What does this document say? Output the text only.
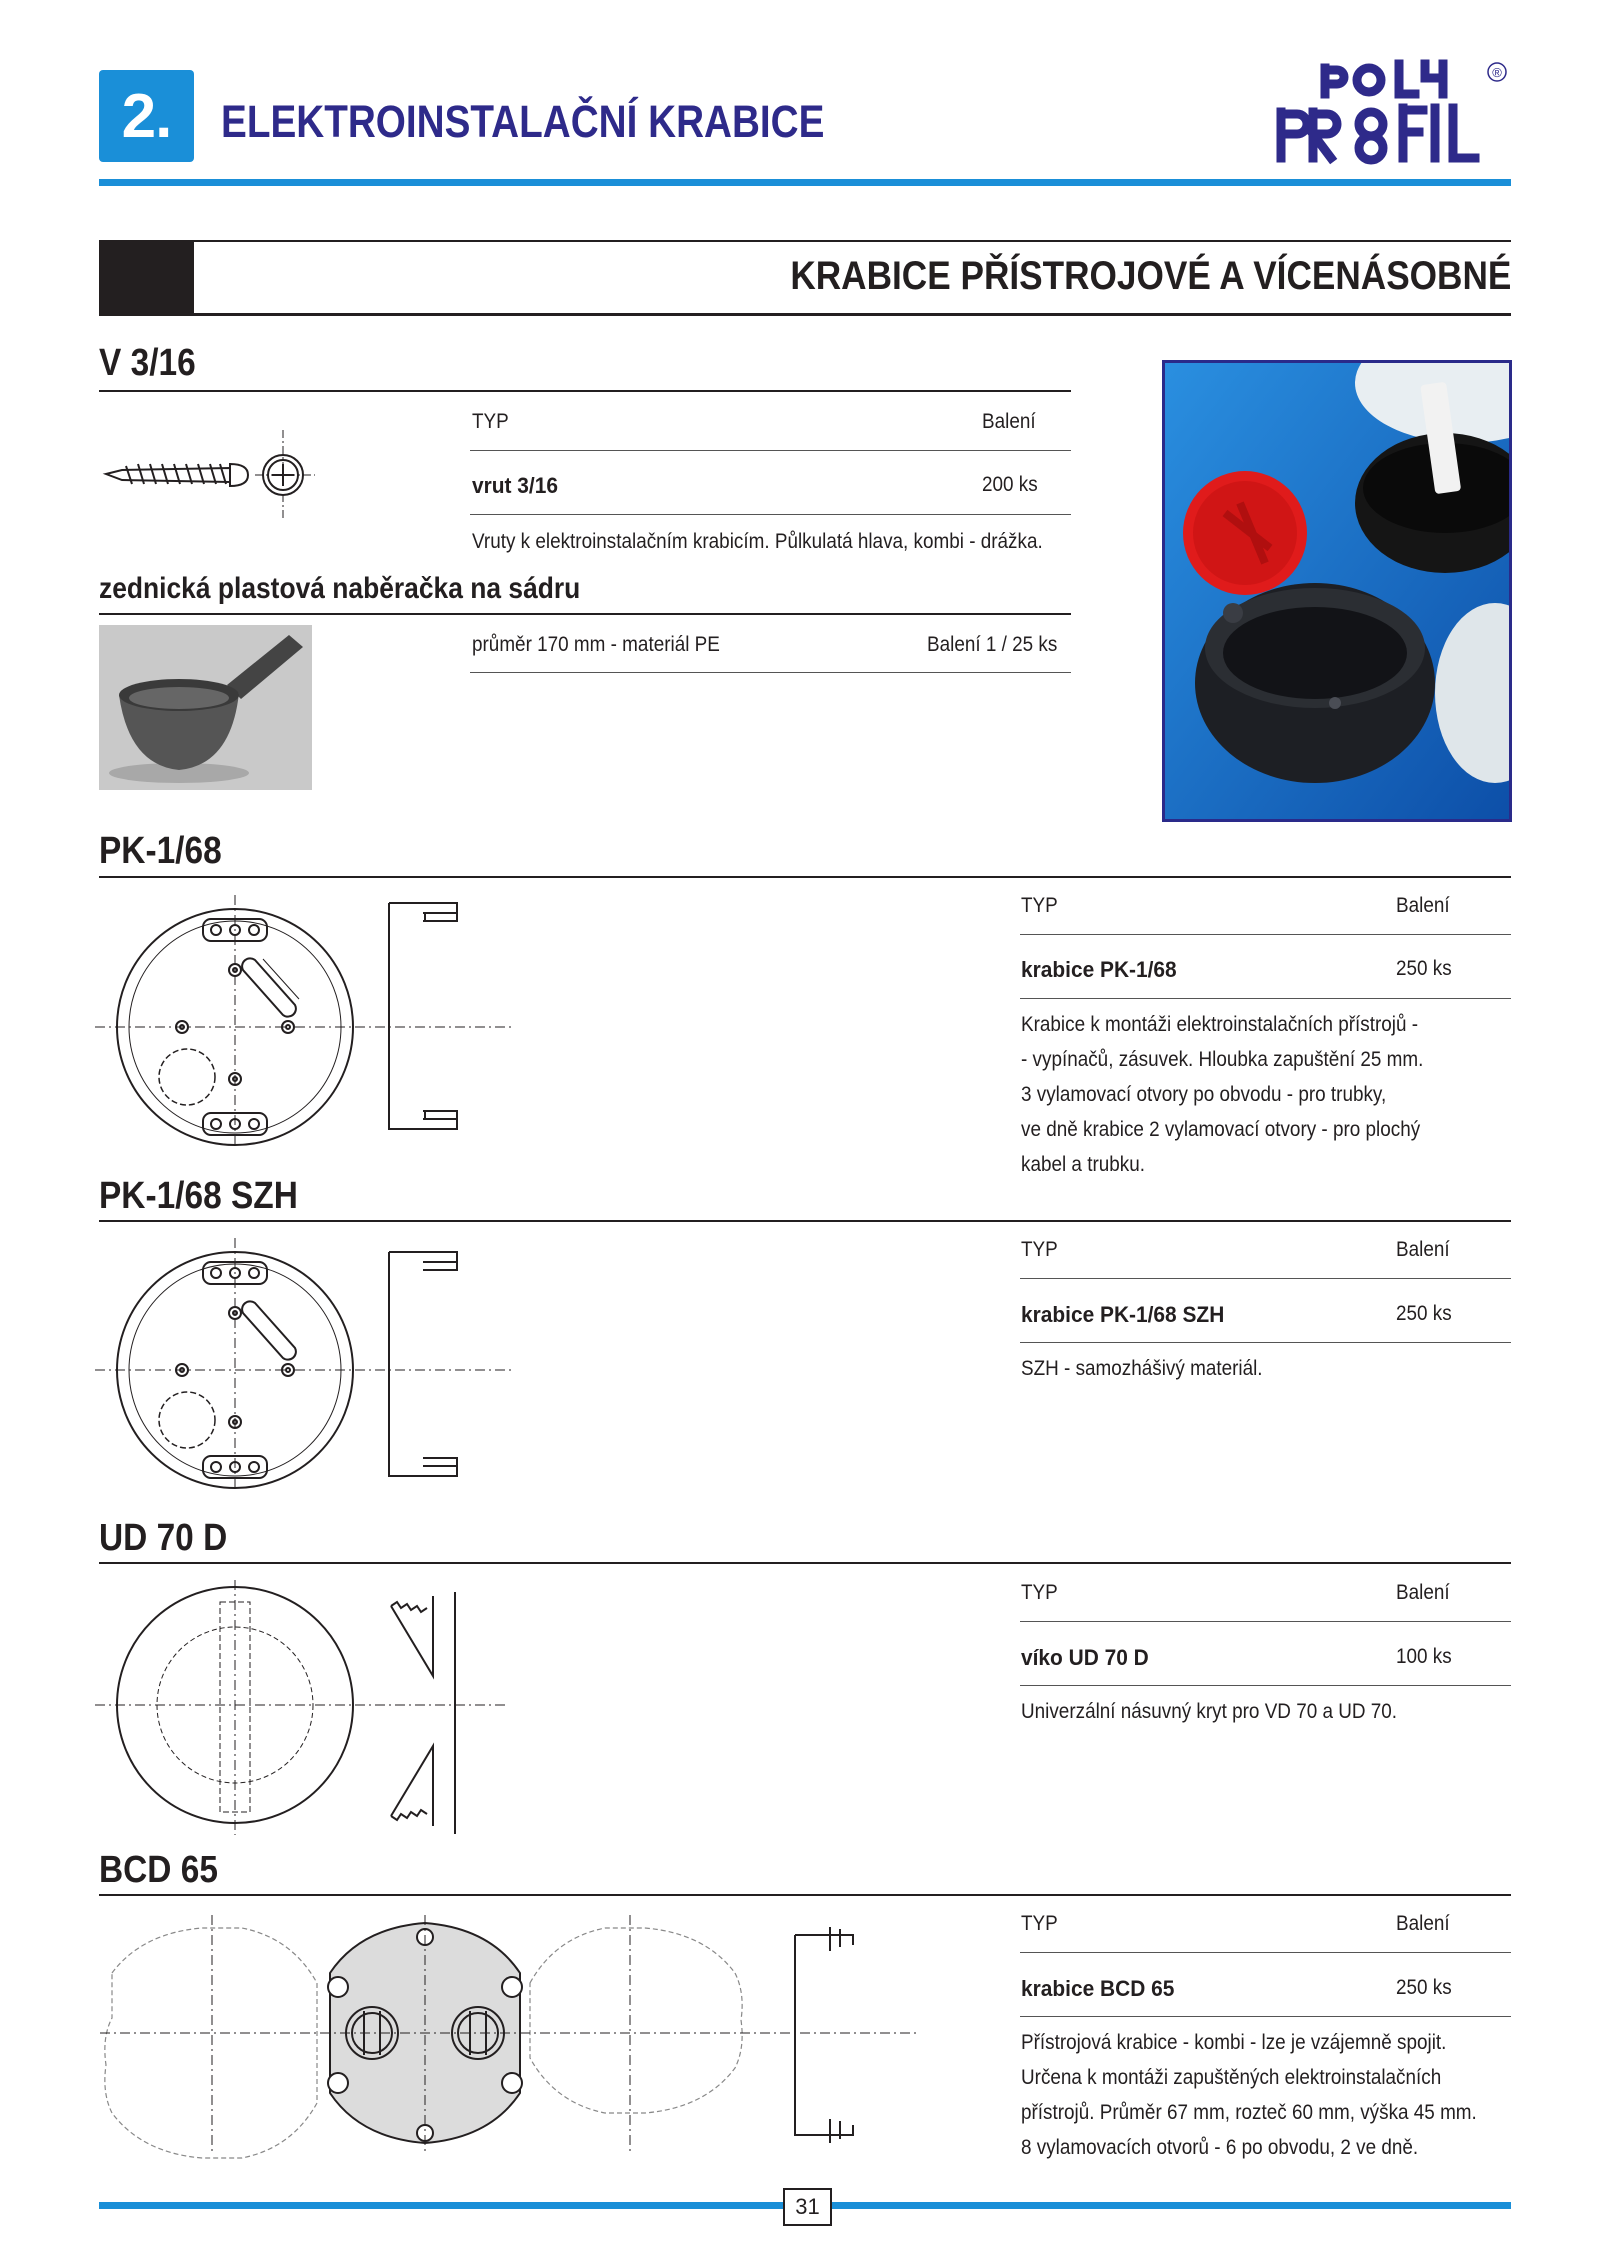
2.	ELEKTROINSTALAČNÍ KRABICE
®
KRABICE PŘÍSTROJOVÉ A VÍCENÁSOBNÉ
V 3/16
TYP	Balení
vrut 3/16	200 ks
Vruty k elektroinstalačním krabicím. Půlkulatá hlava, kombi - drážka.
zednická plastová naběračka na sádru
průměr 170 mm - materiál PE	Balení 1 / 25 ks
PK-1/68
TYP	Balení
krabice PK-1/68	250 ks
Krabice k montáži elektroinstalačních přístrojů -
- vypínačů, zásuvek. Hloubka zapuštění 25 mm.
3 vylamovací otvory po obvodu - pro trubky,
ve dně krabice 2 vylamovací otvory - pro plochý
kabel a trubku.
PK-1/68 SZH
TYP	Balení
krabice PK-1/68 SZH	250 ks
SZH - samozhášivý materiál.
UD 70 D
TYP	Balení
víko UD 70 D	100 ks
Univerzální násuvný kryt pro VD 70 a UD 70.
BCD 65
TYP	Balení
krabice BCD 65	250 ks
Přístrojová krabice - kombi - lze je vzájemně spojit.
Určena k montáži zapuštěných elektroinstalačních
přístrojů. Průměr 67 mm, rozteč 60 mm, výška 45 mm.
8 vylamovacích otvorů - 6 po obvodu, 2 ve dně.
31
